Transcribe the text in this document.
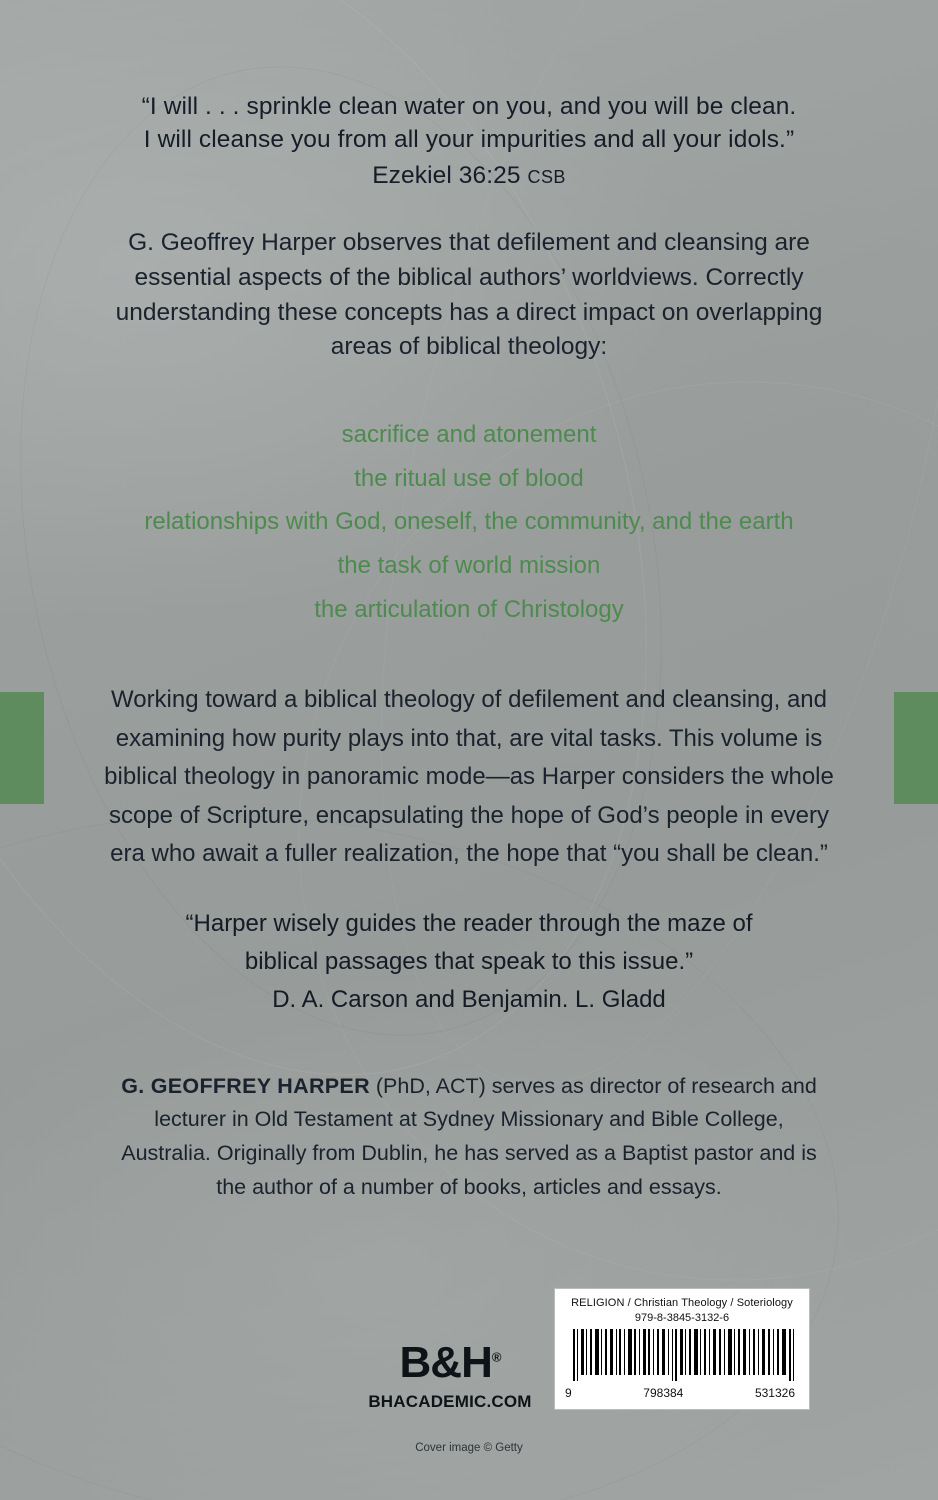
“I will . . . sprinkle clean water on you, and you will be clean.
I will cleanse you from all your impurities and all your idols.”
Ezekiel 36:25 CSB
G. Geoffrey Harper observes that defilement and cleansing are essential aspects of the biblical authors’ worldviews. Correctly understanding these concepts has a direct impact on overlapping areas of biblical theology:
sacrifice and atonement
the ritual use of blood
relationships with God, oneself, the community, and the earth
the task of world mission
the articulation of Christology
Working toward a biblical theology of defilement and cleansing, and examining how purity plays into that, are vital tasks. This volume is biblical theology in panoramic mode—as Harper considers the whole scope of Scripture, encapsulating the hope of God’s people in every era who await a fuller realization, the hope that “you shall be clean.”
“Harper wisely guides the reader through the maze of
biblical passages that speak to this issue.”
D. A. Carson and Benjamin. L. Gladd
G. GEOFFREY HARPER (PhD, ACT) serves as director of research and lecturer in Old Testament at Sydney Missionary and Bible College, Australia. Originally from Dublin, he has served as a Baptist pastor and is the author of a number of books, articles and essays.
B&H®
BHACADEMIC.COM
RELIGION / Christian Theology / Soteriology
979-8-3845-3132-6
9	798384	531326
Cover image © Getty
